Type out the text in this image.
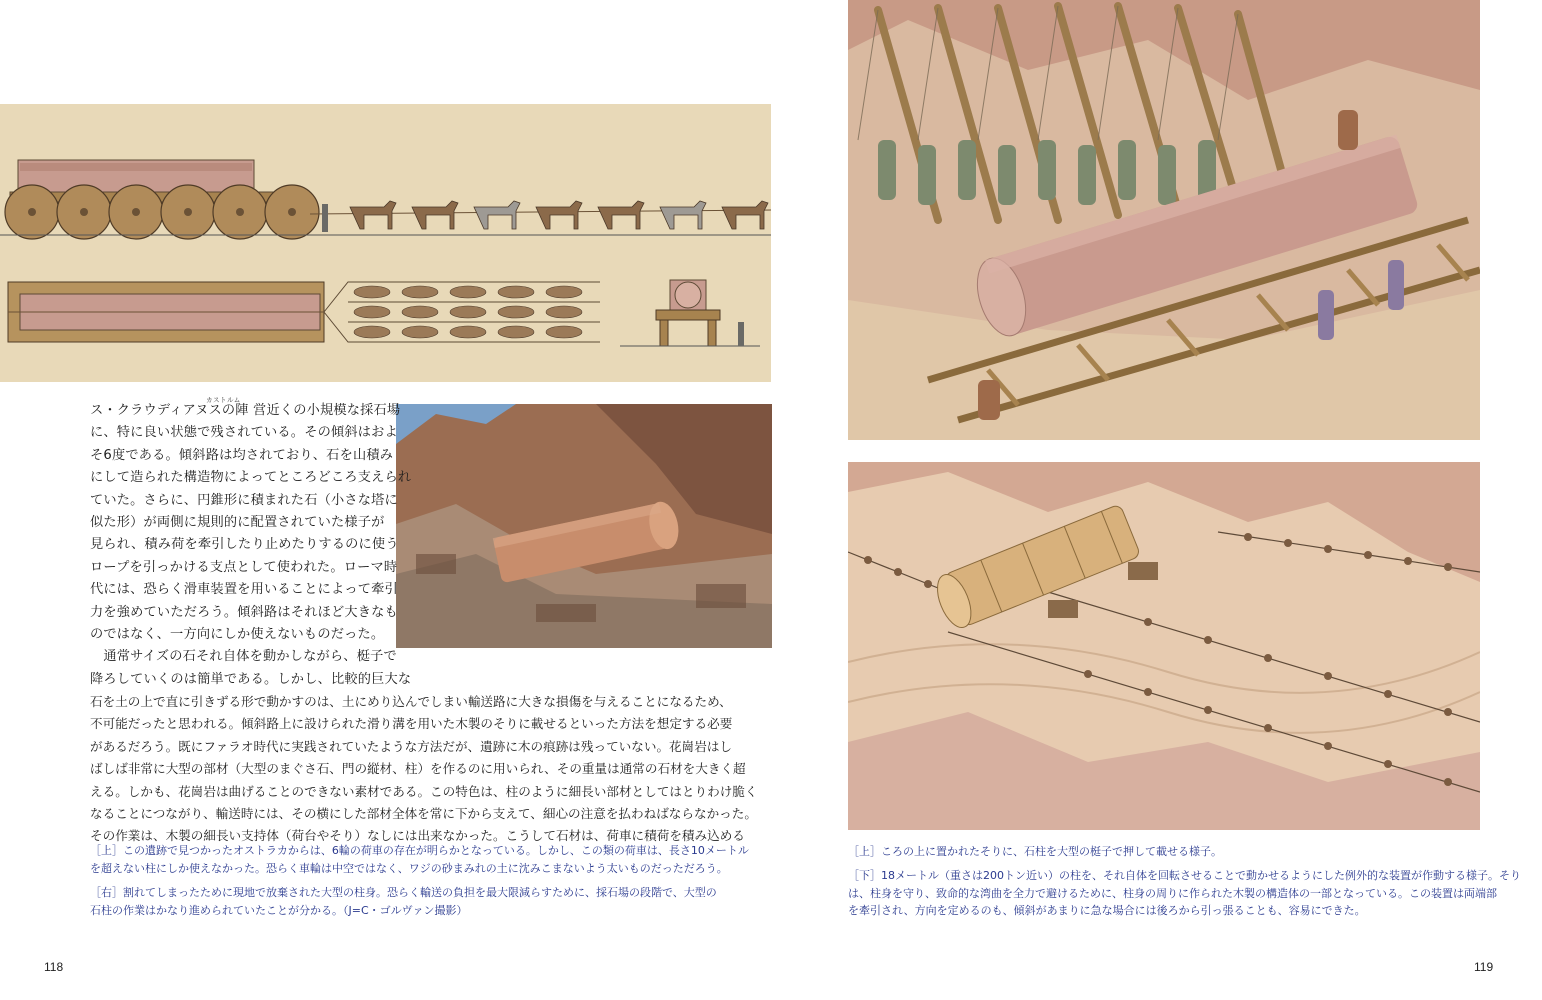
カストルム
ス・クラウディアヌスの陣 営近くの小規模な採石場
に、特に良い状態で残されている。その傾斜はおよ
そ6度である。傾斜路は均されており、石を山積み
にして造られた構造物によってところどころ支えられ
ていた。さらに、円錐形に積まれた石（小さな塔に
似た形）が両側に規則的に配置されていた様子が
見られ、積み荷を牽引したり止めたりするのに使う
ロープを引っかける支点として使われた。ローマ時
代には、恐らく滑車装置を用いることによって牽引
力を強めていただろう。傾斜路はそれほど大きなも
のではなく、一方向にしか使えないものだった。
　通常サイズの石それ自体を動かしながら、梃子で
降ろしていくのは簡単である。しかし、比較的巨大な
石を土の上で直に引きずる形で動かすのは、土にめり込んでしまい輸送路に大きな損傷を与えることになるため、
不可能だったと思われる。傾斜路上に設けられた滑り溝を用いた木製のそりに載せるといった方法を想定する必要
があるだろう。既にファラオ時代に実践されていたような方法だが、遺跡に木の痕跡は残っていない。花崗岩はし
ばしば非常に大型の部材（大型のまぐさ石、門の縦材、柱）を作るのに用いられ、その重量は通常の石材を大きく超
える。しかも、花崗岩は曲げることのできない素材である。この特色は、柱のように細長い部材としてはとりわけ脆く
なることにつながり、輸送時には、その横にした部材全体を常に下から支えて、細心の注意を払わねばならなかった。
その作業は、木製の細長い支持体（荷台やそり）なしには出来なかった。こうして石材は、荷車に積荷を積み込める
［上］この遺跡で見つかったオストラカからは、6輪の荷車の存在が明らかとなっている。しかし、この類の荷車は、長さ10メートル
を超えない柱にしか使えなかった。恐らく車輪は中空ではなく、ワジの砂まみれの土に沈みこまないよう太いものだっただろう。
［右］割れてしまったために現地で放棄された大型の柱身。恐らく輸送の負担を最大限減らすために、採石場の段階で、大型の
石柱の作業はかなり進められていたことが分かる。（J=C・ゴルヴァン撮影）
118
［上］ころの上に置かれたそりに、石柱を大型の梃子で押して載せる様子。
［下］18メートル（重さは200トン近い）の柱を、それ自体を回転させることで動かせるようにした例外的な装置が作動する様子。そり
は、柱身を守り、致命的な湾曲を全力で避けるために、柱身の周りに作られた木製の構造体の一部となっている。この装置は両端部
を牽引され、方向を定めるのも、傾斜があまりに急な場合には後ろから引っ張ることも、容易にできた。
119
